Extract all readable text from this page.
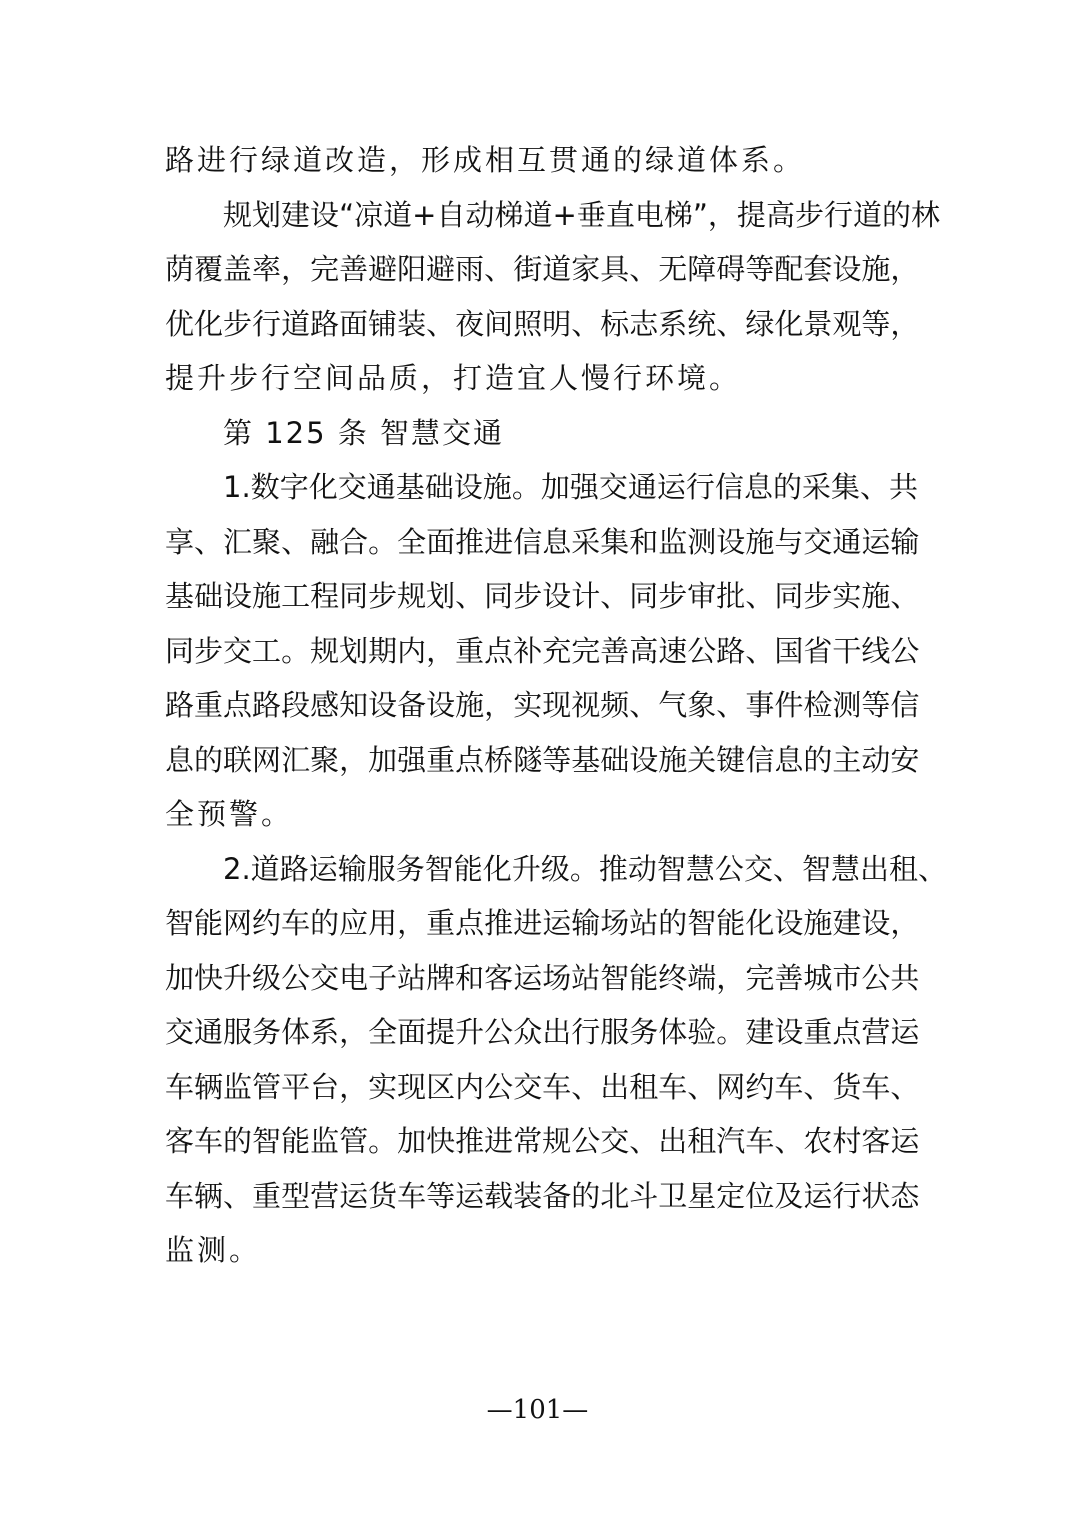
路进行绿道改造，形成相互贯通的绿道体系。
规 划 建 设 “ 凉 道 + 自 动 梯 道 + 垂 直 电 梯 ” ， 提 高 步 行 道 的 林
荫 覆 盖 率 ， 完 善 避 阳 避 雨 、 街 道 家 具 、 无 障 碍 等 配 套 设 施 ，
优 化 步 行 道 路 面 铺 装 、 夜 间 照 明 、 标 志 系 统 、 绿 化 景 观 等 ，
提升步行空间品质，打造宜人慢行环境。
第 125 条 智慧交通
1 . 数 字 化 交 通 基 础 设 施 。 加 强 交 通 运 行 信 息 的 采 集 、 共
享 、 汇 聚 、 融 合 。 全 面 推 进 信 息 采 集 和 监 测 设 施 与 交 通 运 输
基 础 设 施 工 程 同 步 规 划 、 同 步 设 计 、 同 步 审 批 、 同 步 实 施 、
同 步 交 工 。 规 划 期 内 ， 重 点 补 充 完 善 高 速 公 路 、 国 省 干 线 公
路 重 点 路 段 感 知 设 备 设 施 ， 实 现 视 频 、 气 象 、 事 件 检 测 等 信
息 的 联 网 汇 聚 ， 加 强 重 点 桥 隧 等 基 础 设 施 关 键 信 息 的 主 动 安
全预警。
2 . 道 路 运 输 服 务 智 能 化 升 级 。 推 动 智 慧 公 交 、 智 慧 出 租 、
智 能 网 约 车 的 应 用 ， 重 点 推 进 运 输 场 站 的 智 能 化 设 施 建 设 ，
加 快 升 级 公 交 电 子 站 牌 和 客 运 场 站 智 能 终 端 ， 完 善 城 市 公 共
交 通 服 务 体 系 ， 全 面 提 升 公 众 出 行 服 务 体 验 。 建 设 重 点 营 运
车 辆 监 管 平 台 ， 实 现 区 内 公 交 车 、 出 租 车 、 网 约 车 、 货 车 、
客 车 的 智 能 监 管 。 加 快 推 进 常 规 公 交 、 出 租 汽 车 、 农 村 客 运
车 辆 、 重 型 营 运 货 车 等 运 载 装 备 的 北 斗 卫 星 定 位 及 运 行 状 态
监测。
—101—
